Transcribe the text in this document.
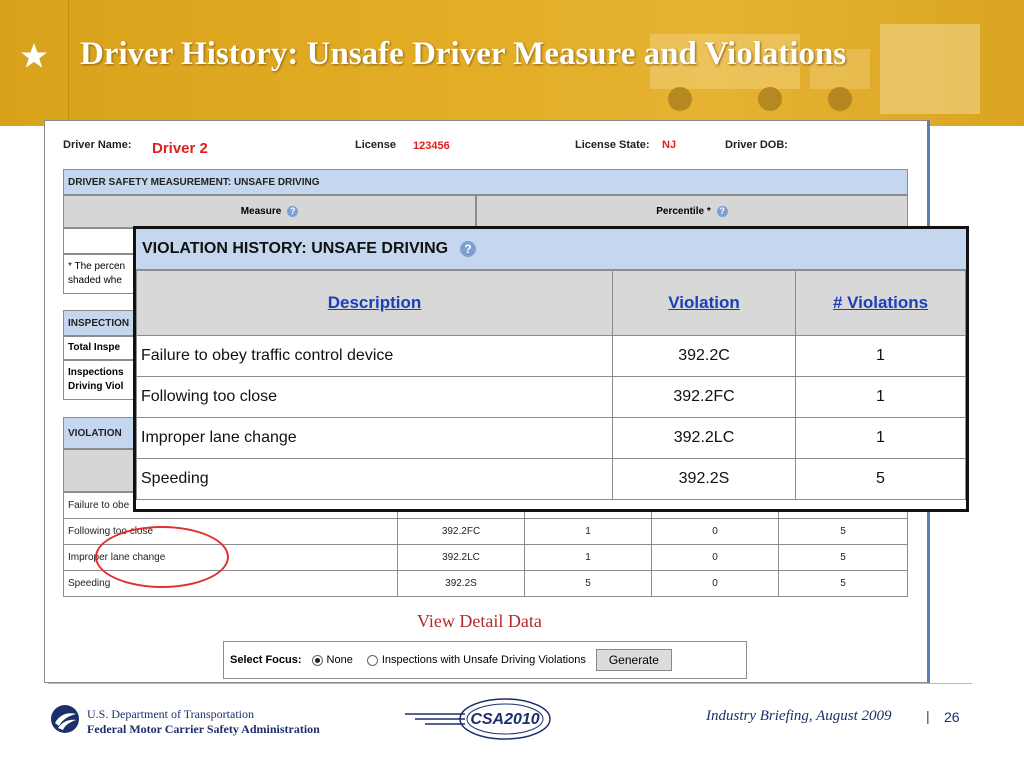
Driver History: Unsafe Driver Measure and Violations
Driver Name: Driver 2	License 123456	License State: NJ	Driver DOB:
DRIVER SAFETY MEASUREMENT: UNSAFE DRIVING
Measure ?	Percentile * ?
* The percen
shaded whe
INSPECTION
Total Inspe
Inspections
Driving Viol
VIOLATION
Failure to obe				
Following too close	392.2FC	1	0	5
Improper lane change	392.2LC	1	0	5
Speeding	392.2S	5	0	5
View Detail Data
Select Focus: None	Inspections with Unsafe Driving Violations	Generate
VIOLATION HISTORY: UNSAFE DRIVING	?
Description	Violation	# Violations
Failure to obey traffic control device	392.2C	1
Following too close	392.2FC	1
Improper lane change	392.2LC	1
Speeding	392.2S	5
U.S. Department of Transportation
Federal Motor Carrier Safety Administration
CSA2010	Industry Briefing, August 2009 | 26
